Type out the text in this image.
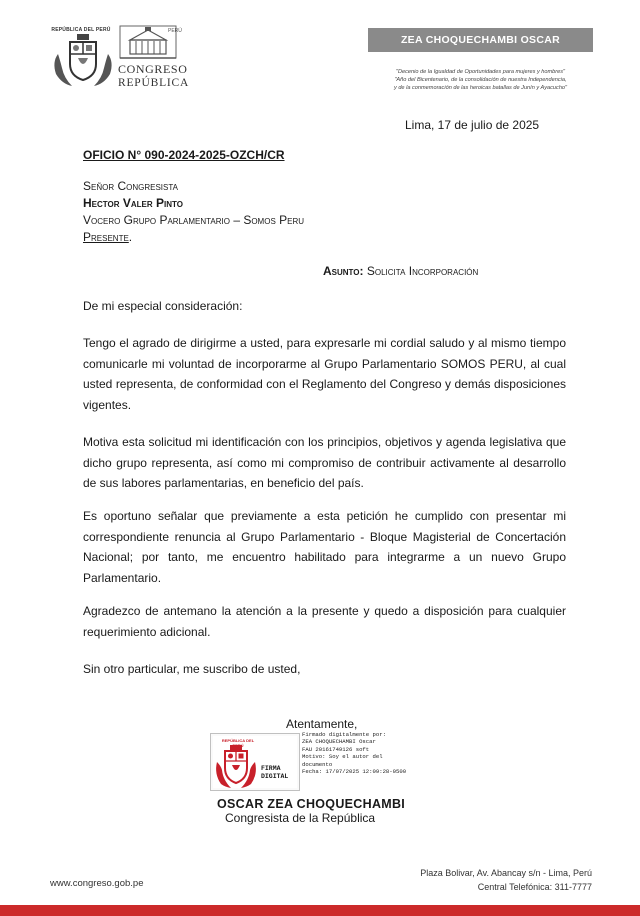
REPÚBLICA DEL PERÚ	PERÚ
CONGRESO
REPÚBLICA
ZEA CHOQUECHAMBI OSCAR
"Decenio de la Igualdad de Oportunidades para mujeres y hombres"
"Año del Bicentenario, de la consolidación de nuestra Independencia,
y de la conmemoración de las heroicas batallas de Junín y Ayacucho"
Lima, 17 de julio de 2025
OFICIO N° 090-2024-2025-OZCH/CR
Señor Congresista
Hector Valer Pinto
Vocero Grupo Parlamentario – Somos Peru
Presente.
Asunto: Solicita Incorporación
De mi especial consideración:
Tengo el agrado de dirigirme a usted, para expresarle mi cordial saludo y al mismo tiempo comunicarle mi voluntad de incorporarme al Grupo Parlamentario SOMOS PERU, al cual usted representa, de conformidad con el Reglamento del Congreso y demás disposiciones vigentes.
Motiva esta solicitud mi identificación con los principios, objetivos y agenda legislativa que dicho grupo representa, así como mi compromiso de contribuir activamente al desarrollo de sus labores parlamentarias, en beneficio del país.
Es oportuno señalar que previamente a esta petición he cumplido con presentar mi correspondiente renuncia al Grupo Parlamentario - Bloque Magisterial de Concertación Nacional; por tanto, me encuentro habilitado para integrarme a un nuevo Grupo Parlamentario.
Agradezco de antemano la atención a la presente y quedo a disposición para cualquier requerimiento adicional.
Sin otro particular, me suscribo de usted,
Atentamente,
REPÚBLICA DEL PERÚ
FIRMA
DIGITAL
Firmado digitalmente por:
ZEA CHOQUECHAMBI Oscar
FAU 20161749126 soft
Motivo: Soy el autor del
documento
Fecha: 17/07/2025 12:09:28-0500
OSCAR ZEA CHOQUECHAMBI
Congresista de la República
www.congreso.gob.pe
Plaza Bolivar, Av. Abancay s/n - Lima, Perú
Central Telefónica: 311-7777
